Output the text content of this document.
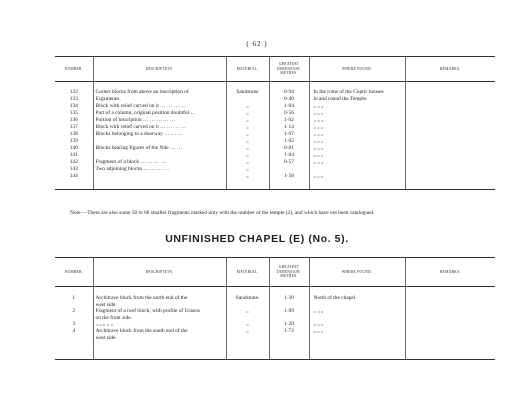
( 62 )
NUMBER.	DESCRIPTION.	MATERIAL.	GREATEST DIMENSION. METRES.	WHERE FOUND.	REMARKS.
132	Corner blocks from above an inscription of	Sandstone	0·94	In the ruins of the Coptic houses	
133	Ergamenes.		0·40	in and round the Temple.	
134	Block with relief carved on it … … … …	„	1·04	„ „ „	
135	Part of a column, original position doubtful …	„	0·56	„ „ „	
136	Portion of inscription … … … … …	„	1·02	„ „ „	
137	Block with relief carved on it … … … …	„	1·14	„ „ „	
138	Blocks belonging to a doorway … … …	„	1·07	„ „ „	
139		„	1·02	„ „ „	
140	Blocks bearing figures of the Nile … …	„	0·81	„ „ „	
141		„	1·04	„ „ „	
142	Fragment of a block … … … …	„	0·57	„ „ „	
143	Two adjoining blocks … … … …	„			
144		„	1·58	„ „ „	
Note.—There are also some 50 to 60 smaller fragments marked only with the number of the temple (2), and which have not been catalogued.
UNFINISHED CHAPEL (E) (No. 5).
NUMBER.	DESCRIPTION.	MATERIAL.	GREATEST DIMENSION. METRES.	WHERE FOUND.	REMARKS.
1	Architrave block from the north end of the	Sandstone.	1·30	North of the chapel.	
	west side.				
2	Fragment of a roof block, with profile of Uraeus	„	1·09	„ „ „	
	on the front side.				
3	„ „ „ „ „	„	1·20	„ „ „	
4	Architrave block from the south end of the	„	1·72	„ „ „	
	west side.				
